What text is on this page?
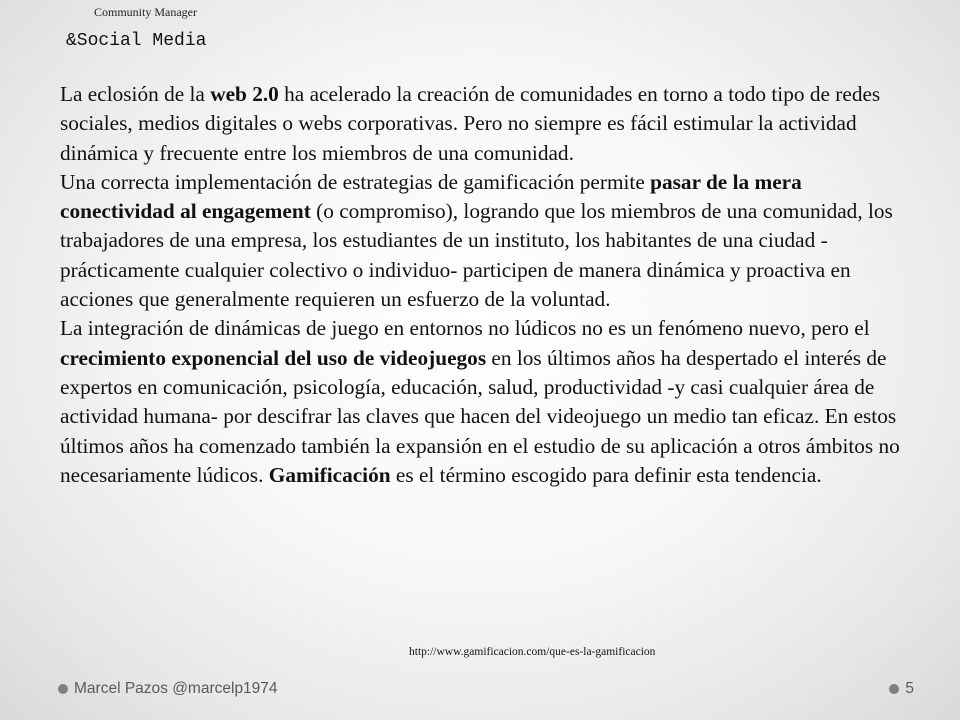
Community Manager
&Social Media

La eclosión de la web 2.0 ha acelerado la creación de comunidades en torno a todo tipo de redes sociales, medios digitales o webs corporativas. Pero no siempre es fácil estimular la actividad dinámica y frecuente entre los miembros de una comunidad.

Una correcta implementación de estrategias de gamificación permite pasar de la mera conectividad al engagement (o compromiso), logrando que los miembros de una comunidad, los trabajadores de una empresa, los estudiantes de un instituto, los habitantes de una ciudad -prácticamente cualquier colectivo o individuo- participen de manera dinámica y proactiva en acciones que generalmente requieren un esfuerzo de la voluntad.

La integración de dinámicas de juego en entornos no lúdicos no es un fenómeno nuevo, pero el crecimiento exponencial del uso de videojuegos en los últimos años ha despertado el interés de expertos en comunicación, psicología, educación, salud, productividad -y casi cualquier área de actividad humana- por descifrar las claves que hacen del videojuego un medio tan eficaz. En estos últimos años ha comenzado también la expansión en el estudio de su aplicación a otros ámbitos no necesariamente lúdicos. Gamificación es el término escogido para definir esta tendencia.

http://www.gamificacion.com/que-es-la-gamificacion
Marcel Pazos @marcelp1974	5
